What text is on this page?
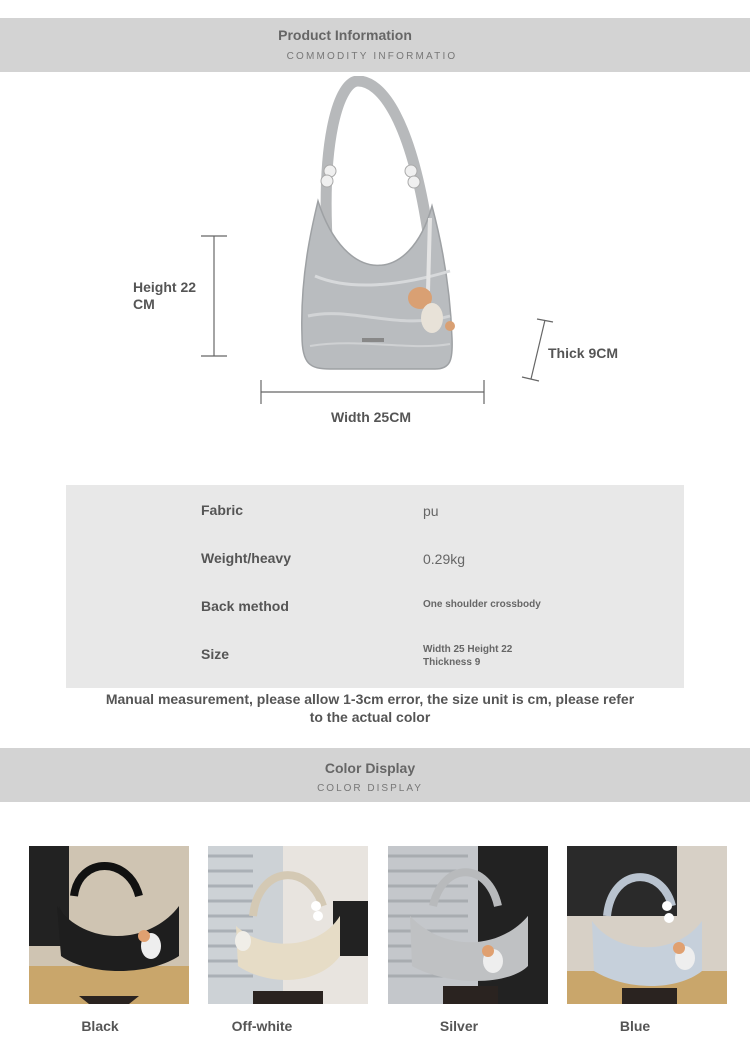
Product Information
COMMODITY INFORMATIO
Height 22
CM
Width 25CM
Thick 9CM
Fabric	pu
Weight/heavy	0.29kg
Back method	One shoulder crossbody
Size	Width 25 Height 22
Thickness 9
Manual measurement, please allow 1-3cm error, the size unit is cm, please refer
to the actual color
Color Display
COLOR DISPLAY
Black	Off-white	Silver	Blue
